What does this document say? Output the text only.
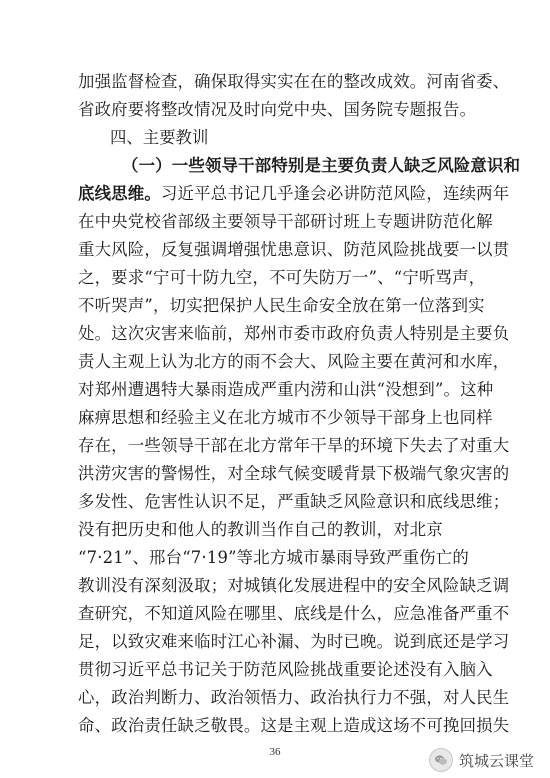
加强监督检查，确保取得实实在在的整改成效。河南省委、
省政府要将整改情况及时向党中央、国务院专题报告。
四、主要教训
（一）一些领导干部特别是主要负责人缺乏风险意识和
底线思维。习近平总书记几乎逢会必讲防范风险，连续两年
在中央党校省部级主要领导干部研讨班上专题讲防范化解
重大风险，反复强调增强忧患意识、防范风险挑战要一以贯
之，要求“宁可十防九空，不可失防万一”、“宁听骂声，
不听哭声”，切实把保护人民生命安全放在第一位落到实
处。这次灾害来临前，郑州市委市政府负责人特别是主要负
责人主观上认为北方的雨不会大、风险主要在黄河和水库，
对郑州遭遇特大暴雨造成严重内涝和山洪“没想到”。这种
麻痹思想和经验主义在北方城市不少领导干部身上也同样
存在，一些领导干部在北方常年干旱的环境下失去了对重大
洪涝灾害的警惕性，对全球气候变暖背景下极端气象灾害的
多发性、危害性认识不足，严重缺乏风险意识和底线思维；
没有把历史和他人的教训当作自己的教训，对北京
“7·21”、邢台“7·19”等北方城市暴雨导致严重伤亡的
教训没有深刻汲取；对城镇化发展进程中的安全风险缺乏调
查研究，不知道风险在哪里、底线是什么，应急准备严重不
足，以致灾难来临时江心补漏、为时已晚。说到底还是学习
贯彻习近平总书记关于防范风险挑战重要论述没有入脑入
心，政治判断力、政治领悟力、政治执行力不强，对人民生
命、政治责任缺乏敬畏。这是主观上造成这场不可挽回损失
36	筑城云课堂
